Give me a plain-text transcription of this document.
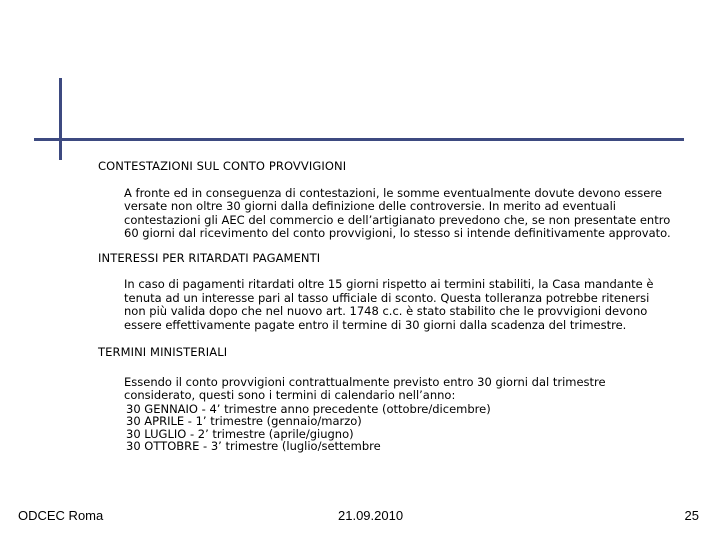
CONTESTAZIONI SUL CONTO PROVVIGIONI

A fronte ed in conseguenza di contestazioni, le somme eventualmente dovute devono essere
versate non oltre 30 giorni dalla definizione delle controversie. In merito ad eventuali
contestazioni gli AEC del commercio e dell’artigianato prevedono che, se non presentate entro
60 giorni dal ricevimento del conto provvigioni, lo stesso si intende definitivamente approvato.

INTERESSI PER RITARDATI PAGAMENTI

In caso di pagamenti ritardati oltre 15 giorni rispetto ai termini stabiliti, la Casa mandante è
tenuta ad un interesse pari al tasso ufficiale di sconto. Questa tolleranza potrebbe ritenersi
non più valida dopo che nel nuovo art. 1748 c.c. è stato stabilito che le provvigioni devono
essere effettivamente pagate entro il termine di 30 giorni dalla scadenza del trimestre.

TERMINI MINISTERIALI

Essendo il conto provvigioni contrattualmente previsto entro 30 giorni dal trimestre
considerato, questi sono i termini di calendario nell’anno:

30 GENNAIO - 4’ trimestre anno precedente (ottobre/dicembre)
30 APRILE - 1’ trimestre (gennaio/marzo)
30 LUGLIO - 2’ trimestre (aprile/giugno)
30 OTTOBRE - 3’ trimestre (luglio/settembre
ODCEC Roma	21.09.2010	25
